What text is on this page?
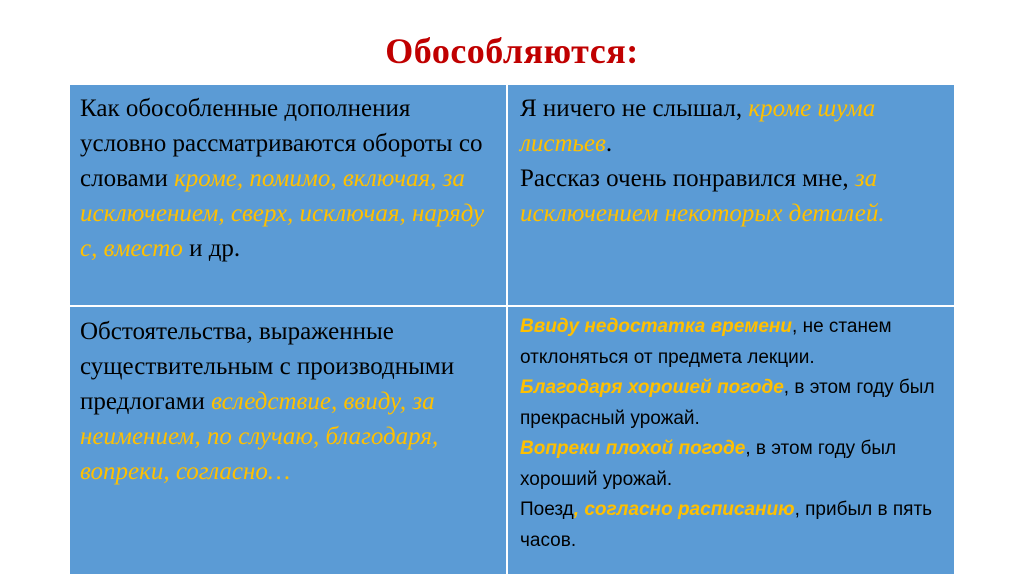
Обособляются:

Как обособленные дополнения условно рассматриваются обороты со словами кроме, помимо, включая, за исключением, сверх, исключая, наряду с, вместо и др.

Я ничего не слышал, кроме шума листьев.

Рассказ очень понравился мне, за исключением некоторых деталей.

Обстоятельства, выраженные существительным с производными предлогами вследствие, ввиду, за неимением, по случаю, благодаря, вопреки, согласно…

Ввиду недостатка времени, не станем отклоняться от предмета лекции.

Благодаря хорошей погоде, в этом году был прекрасный урожай.

Вопреки плохой погоде, в этом году был хороший урожай.

Поезд, согласно расписанию, прибыл в пять часов.
